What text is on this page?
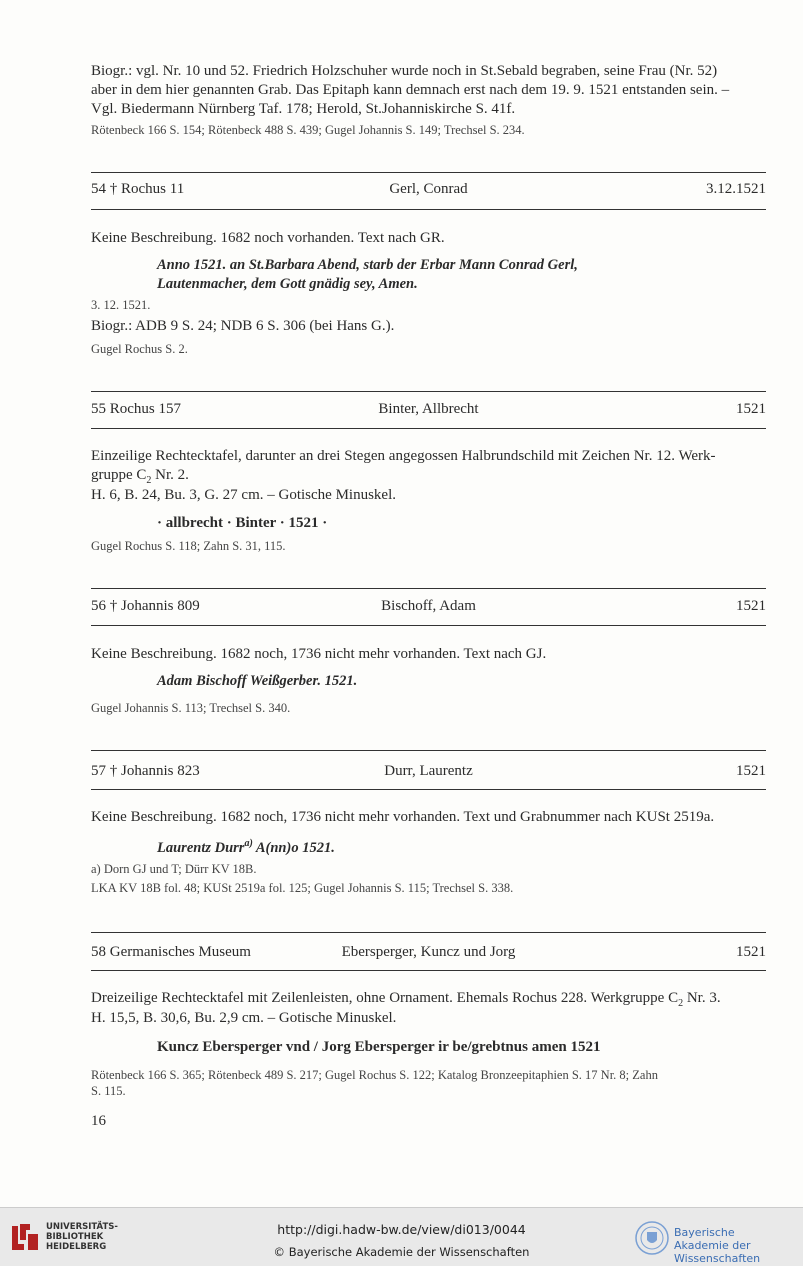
Biogr.: vgl. Nr. 10 und 52. Friedrich Holzschuher wurde noch in St.Sebald begraben, seine Frau (Nr. 52)
aber in dem hier genannten Grab. Das Epitaph kann demnach erst nach dem 19. 9. 1521 entstanden sein. –
Vgl. Biedermann Nürnberg Taf. 178; Herold, St.Johanniskirche S. 41f.
Rötenbeck 166 S. 154; Rötenbeck 488 S. 439; Gugel Johannis S. 149; Trechsel S. 234.
54 † Rochus 11	Gerl, Conrad	3.12.1521
Keine Beschreibung. 1682 noch vorhanden. Text nach GR.
Anno 1521. an St.Barbara Abend, starb der Erbar Mann Conrad Gerl,
Lautenmacher, dem Gott gnädig sey, Amen.
3. 12. 1521.
Biogr.: ADB 9 S. 24; NDB 6 S. 306 (bei Hans G.).
Gugel Rochus S. 2.
55 Rochus 157	Binter, Allbrecht	1521
Einzeilige Rechtecktafel, darunter an drei Stegen angegossen Halbrundschild mit Zeichen Nr. 12. Werk-
gruppe $C_2$ Nr. 2.
H. 6, B. 24, Bu. 3, G. 27 cm. – Gotische Minuskel.
· allbrecht · Binter · 1521 ·
Gugel Rochus S. 118; Zahn S. 31, 115.
56 † Johannis 809	Bischoff, Adam	1521
Keine Beschreibung. 1682 noch, 1736 nicht mehr vorhanden. Text nach GJ.
Adam Bischoff Weißgerber. 1521.
Gugel Johannis S. 113; Trechsel S. 340.
57 † Johannis 823	Durr, Laurentz	1521
Keine Beschreibung. 1682 noch, 1736 nicht mehr vorhanden. Text und Grabnummer nach KUSt 2519a.
Laurentz Durr$^{a)}$ A(nn)o 1521.
a) Dorn GJ und T; Dürr KV 18B.
LKA KV 18B fol. 48; KUSt 2519a fol. 125; Gugel Johannis S. 115; Trechsel S. 338.
58 Germanisches Museum	Ebersperger, Kuncz und Jorg	1521
Dreizeilige Rechtecktafel mit Zeilenleisten, ohne Ornament. Ehemals Rochus 228. Werkgruppe $C_2$ Nr. 3.
H. 15,5, B. 30,6, Bu. 2,9 cm. – Gotische Minuskel.
Kuncz Ebersperger vnd / Jorg Ebersperger ir be/grebtnus amen 1521
Rötenbeck 166 S. 365; Rötenbeck 489 S. 217; Gugel Rochus S. 122; Katalog Bronzeepitaphien S. 17 Nr. 8; Zahn
S. 115.
16
UNIVERSITÄTS-
BIBLIOTHEK
HEIDELBERG
http://digi.hadw-bw.de/view/di013/0044
© Bayerische Akademie der Wissenschaften
Bayerische
Akademie der Wissenschaften
